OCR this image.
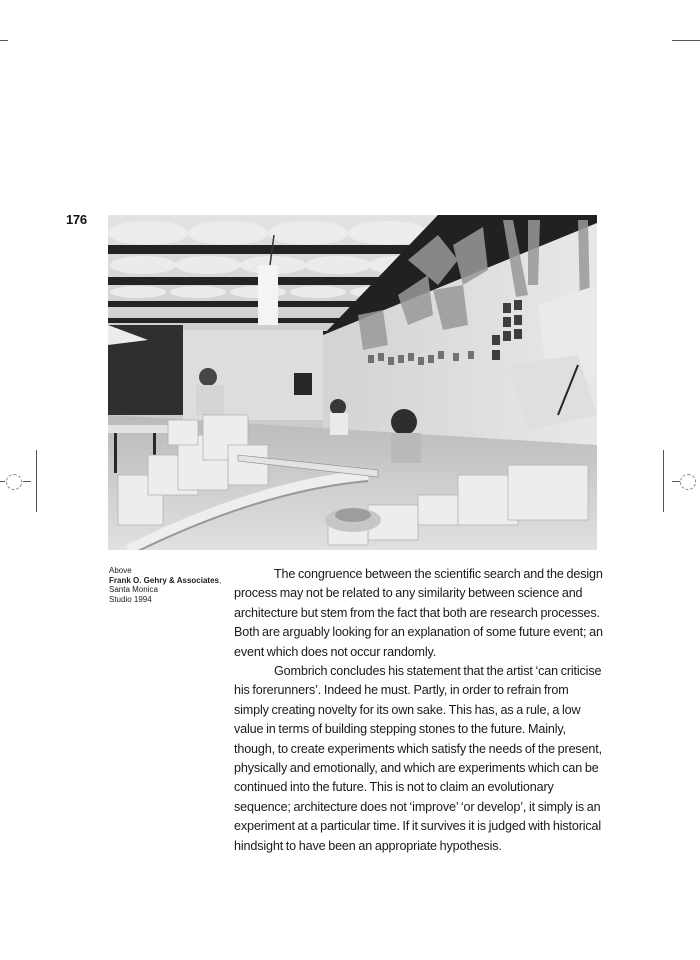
176
Above
Frank O. Gehry & Associates, Santa Monica
Studio 1994

The congruence between the scientific search and the design process may not be related to any similarity between science and architecture but stem from the fact that both are research processes. Both are arguably looking for an explanation of some future event; an event which does not occur randomly.

Gombrich concludes his statement that the artist ‘can criticise his forerunners’. Indeed he must. Partly, in order to refrain from simply creating novelty for its own sake. This has, as a rule, a low value in terms of building stepping stones to the future. Mainly, though, to create experiments which satisfy the needs of the present, physically and emotionally, and which are experiments which can be continued into the future. This is not to claim an evolutionary sequence; architecture does not ‘improve’ ‘or develop’, it simply is an experiment at a particular time. If it survives it is judged with historical hindsight to have been an appropriate hypothesis.
